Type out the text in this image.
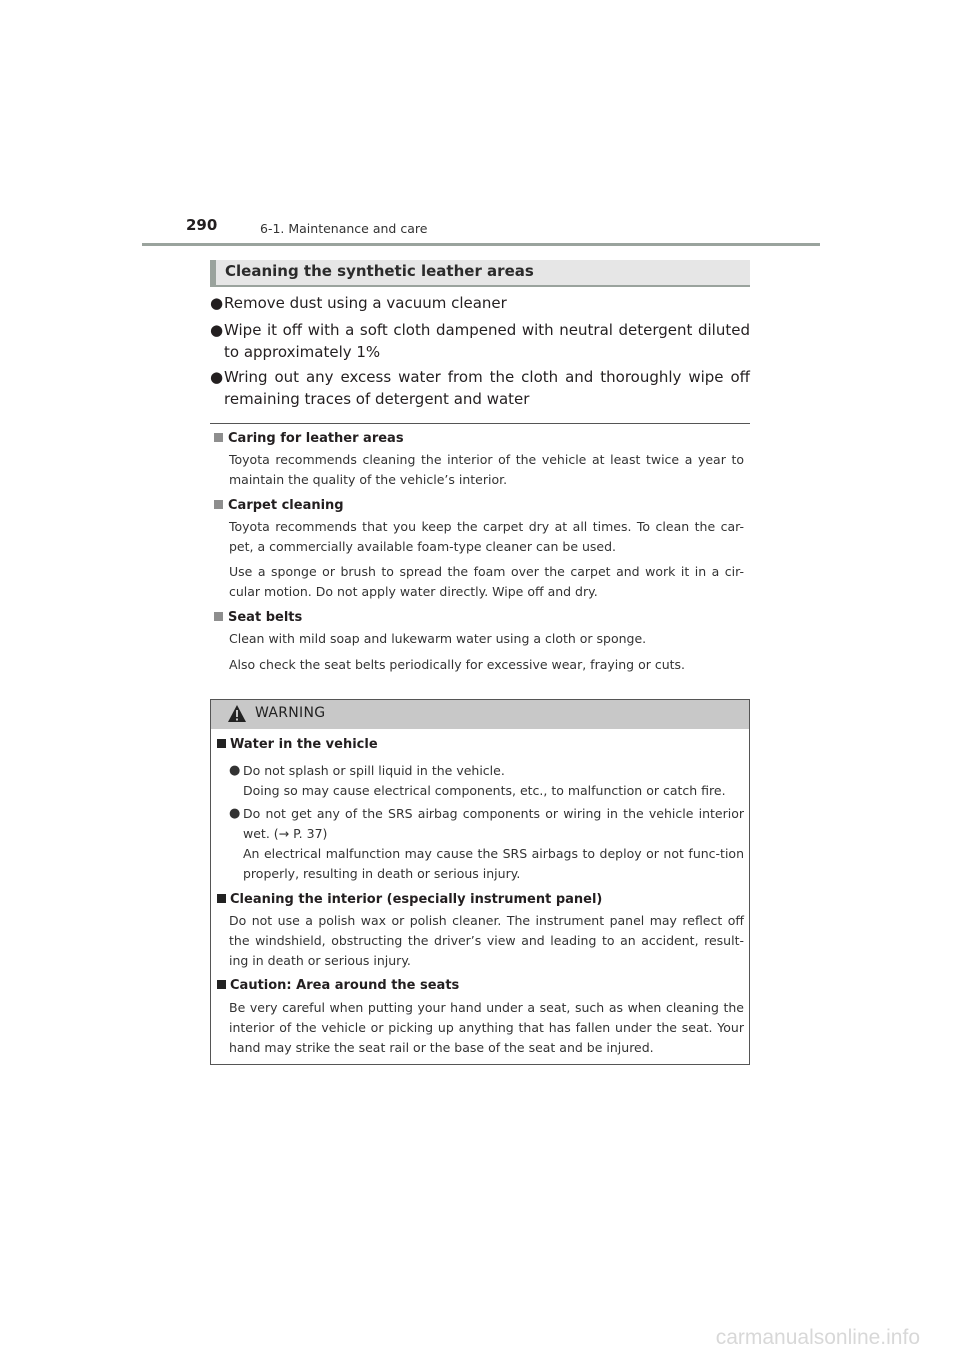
290	6-1. Maintenance and care
Cleaning the synthetic leather areas
● Remove dust using a vacuum cleaner
● Wipe it off with a soft cloth dampened with neutral detergent diluted to approximately 1%
● Wring out any excess water from the cloth and thoroughly wipe off remaining traces of detergent and water
Caring for leather areas
Toyota recommends cleaning the interior of the vehicle at least twice a year to maintain the quality of the vehicle’s interior.
Carpet cleaning
Toyota recommends that you keep the carpet dry at all times. To clean the car-pet, a commercially available foam-type cleaner can be used.
Use a sponge or brush to spread the foam over the carpet and work it in a cir-cular motion. Do not apply water directly. Wipe off and dry.
Seat belts
Clean with mild soap and lukewarm water using a cloth or sponge.
Also check the seat belts periodically for excessive wear, fraying or cuts.
WARNING
Water in the vehicle
● Do not splash or spill liquid in the vehicle.
Doing so may cause electrical components, etc., to malfunction or catch fire.
● Do not get any of the SRS airbag components or wiring in the vehicle interior wet. (→ P. 37)
An electrical malfunction may cause the SRS airbags to deploy or not func-tion properly, resulting in death or serious injury.
Cleaning the interior (especially instrument panel)
Do not use a polish wax or polish cleaner. The instrument panel may reflect off the windshield, obstructing the driver’s view and leading to an accident, result-ing in death or serious injury.
Caution: Area around the seats
Be very careful when putting your hand under a seat, such as when cleaning the interior of the vehicle or picking up anything that has fallen under the seat. Your hand may strike the seat rail or the base of the seat and be injured.
carmanualsonline.info
